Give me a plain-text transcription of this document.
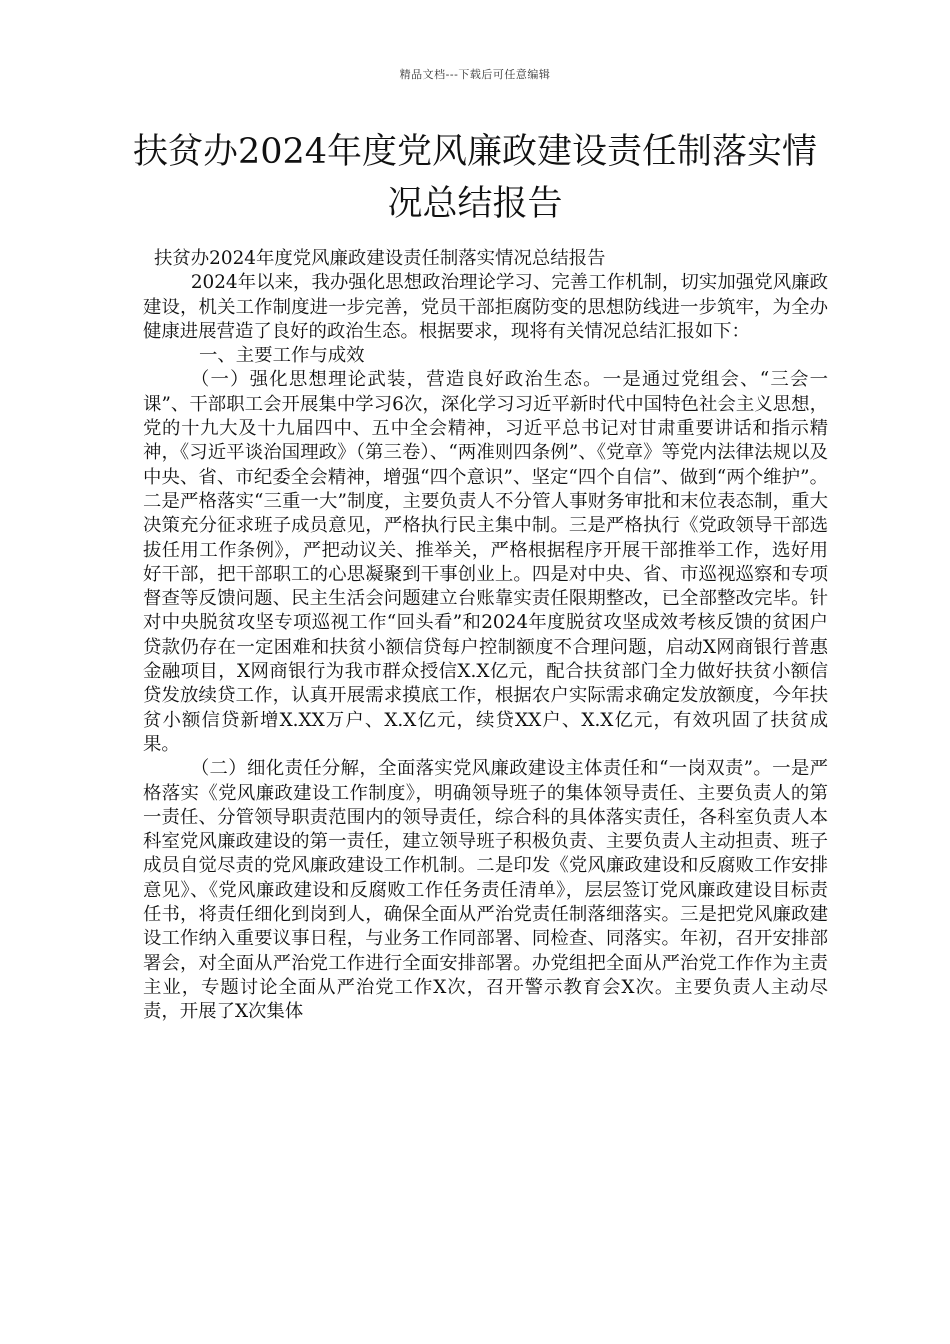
精品文档---下载后可任意编辑
扶贫办2024年度党风廉政建设责任制落实情况总结报告

扶贫办2024年度党风廉政建设责任制落实情况总结报告

2024年以来，我办强化思想政治理论学习、完善工作机制，切实加强党风廉政建设，机关工作制度进一步完善，党员干部拒腐防变的思想防线进一步筑牢，为全办健康进展营造了良好的政治生态。根据要求，现将有关情况总结汇报如下：

一、主要工作与成效

（一）强化思想理论武装，营造良好政治生态。一是通过党组会、“三会一课”、干部职工会开展集中学习6次，深化学习习近平新时代中国特色社会主义思想，党的十九大及十九届四中、五中全会精神，习近平总书记对甘肃重要讲话和指示精神，《习近平谈治国理政》（第三卷）、“两准则四条例”、《党章》等党内法律法规以及中央、省、市纪委全会精神，增强“四个意识”、坚定“四个自信”、做到“两个维护”。二是严格落实“三重一大”制度，主要负责人不分管人事财务审批和末位表态制，重大决策充分征求班子成员意见，严格执行民主集中制。三是严格执行《党政领导干部选拔任用工作条例》，严把动议关、推举关，严格根据程序开展干部推举工作，选好用好干部，把干部职工的心思凝聚到干事创业上。四是对中央、省、市巡视巡察和专项督查等反馈问题、民主生活会问题建立台账靠实责任限期整改，已全部整改完毕。针对中央脱贫攻坚专项巡视工作“回头看”和2024年度脱贫攻坚成效考核反馈的贫困户贷款仍存在一定困难和扶贫小额信贷每户控制额度不合理问题，启动X网商银行普惠金融项目，X网商银行为我市群众授信X.X亿元，配合扶贫部门全力做好扶贫小额信贷发放续贷工作，认真开展需求摸底工作，根据农户实际需求确定发放额度，今年扶贫小额信贷新增X.XX万户、X.X亿元，续贷XX户、X.X亿元，有效巩固了扶贫成果。

（二）细化责任分解，全面落实党风廉政建设主体责任和“一岗双责”。一是严格落实《党风廉政建设工作制度》，明确领导班子的集体领导责任、主要负责人的第一责任、分管领导职责范围内的领导责任，综合科的具体落实责任，各科室负责人本科室党风廉政建设的第一责任，建立领导班子积极负责、主要负责人主动担责、班子成员自觉尽责的党风廉政建设工作机制。二是印发《党风廉政建设和反腐败工作安排意见》、《党风廉政建设和反腐败工作任务责任清单》，层层签订党风廉政建设目标责任书，将责任细化到岗到人，确保全面从严治党责任制落细落实。三是把党风廉政建设工作纳入重要议事日程，与业务工作同部署、同检查、同落实。年初，召开安排部署会，对全面从严治党工作进行全面安排部署。办党组把全面从严治党工作作为主责主业，专题讨论全面从严治党工作X次，召开警示教育会X次。主要负责人主动尽责，开展了X次集体
